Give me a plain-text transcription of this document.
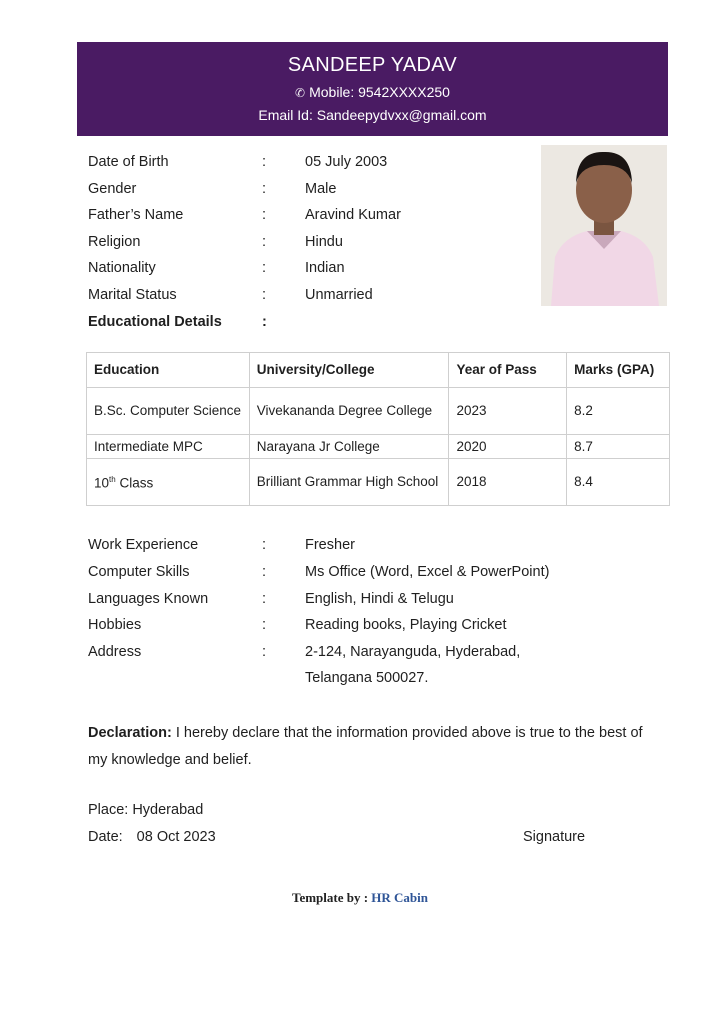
SANDEEP YADAV
✆ Mobile: 9542XXXX250
Email Id: Sandeepydvxx@gmail.com
Date of Birth	:	05 July 2003
Gender	:	Male
Father’s Name	:	Aravind Kumar
Religion	:	Hindu
Nationality	:	Indian
Marital Status	:	Unmarried
Educational Details	:
Education	University/College	Year of Pass	Marks (GPA)
B.Sc. Computer Science	Vivekananda Degree College	2023	8.2
Intermediate MPC	Narayana Jr College	2020	8.7
10th Class	Brilliant Grammar High School	2018	8.4
Work Experience	:	Fresher
Computer Skills	:	Ms Office (Word, Excel & PowerPoint)
Languages Known	:	English, Hindi & Telugu
Hobbies	:	Reading books, Playing Cricket
Address	:	2-124, Narayanguda, Hyderabad,
Telangana 500027.
Declaration: I hereby declare that the information provided above is true to the best of my knowledge and belief.
Place: Hyderabad
Date: 08 Oct 2023	Signature
Template by : HR Cabin
